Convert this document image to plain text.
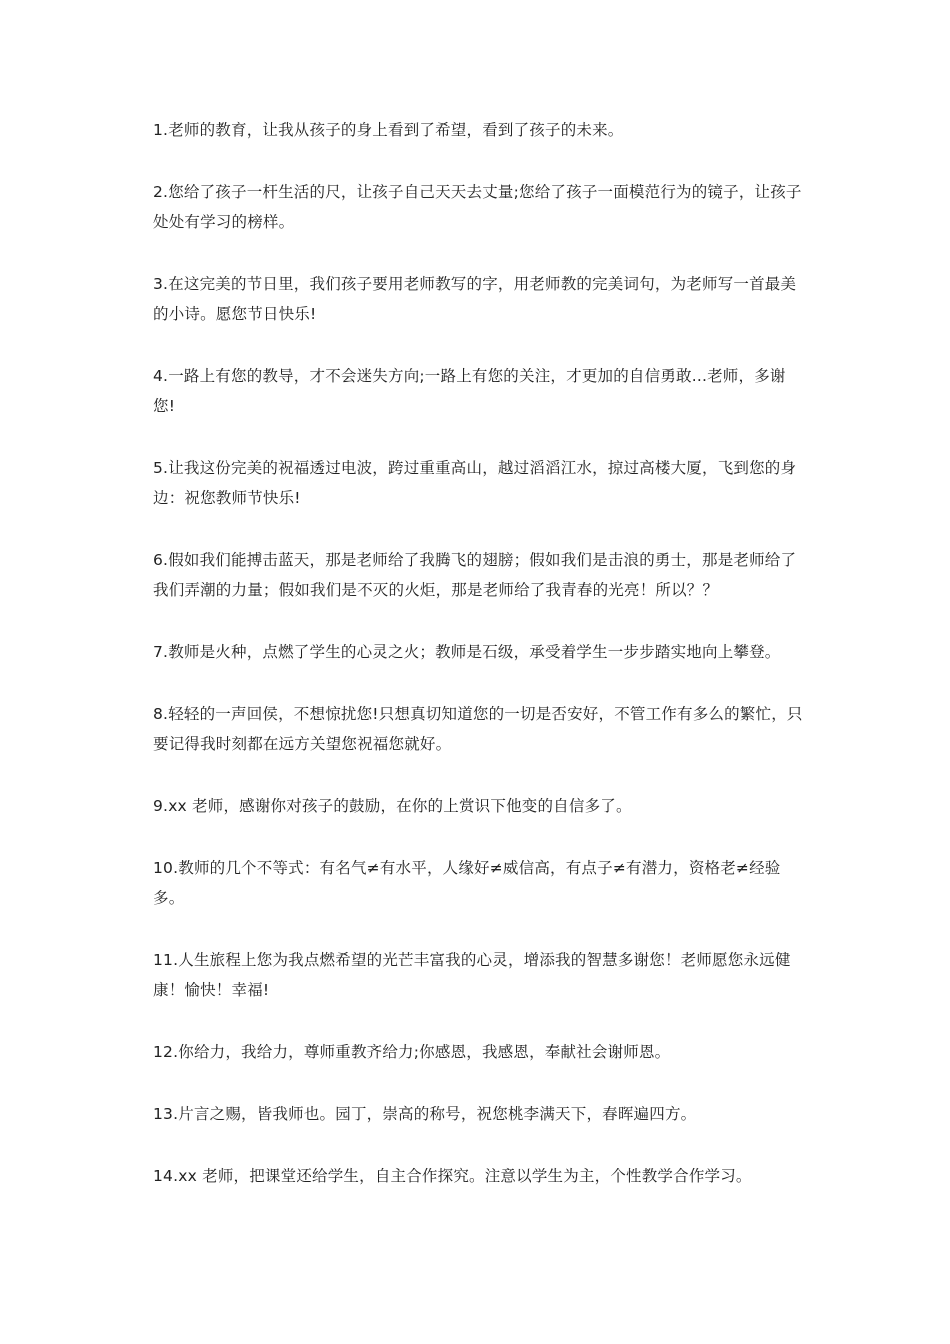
1.老师的教育，让我从孩子的身上看到了希望，看到了孩子的未来。

2.您给了孩子一杆生活的尺，让孩子自己天天去丈量;您给了孩子一面模范行为的镜子，让孩子处处有学习的榜样。

3.在这完美的节日里，我们孩子要用老师教写的字，用老师教的完美词句，为老师写一首最美的小诗。愿您节日快乐!

4.一路上有您的教导，才不会迷失方向;一路上有您的关注，才更加的自信勇敢...老师，多谢您!

5.让我这份完美的祝福透过电波，跨过重重高山，越过滔滔江水，掠过高楼大厦，飞到您的身边：祝您教师节快乐!

6.假如我们能搏击蓝天，那是老师给了我腾飞的翅膀；假如我们是击浪的勇士，那是老师给了我们弄潮的力量；假如我们是不灭的火炬，那是老师给了我青春的光亮！所以？？

7.教师是火种，点燃了学生的心灵之火；教师是石级，承受着学生一步步踏实地向上攀登。

8.轻轻的一声回侯，不想惊扰您!只想真切知道您的一切是否安好，不管工作有多么的繁忙，只要记得我时刻都在远方关望您祝福您就好。

9.xx 老师，感谢你对孩子的鼓励，在你的上赏识下他变的自信多了。

10.教师的几个不等式：有名气≠有水平，人缘好≠威信高，有点子≠有潜力，资格老≠经验多。

11.人生旅程上您为我点燃希望的光芒丰富我的心灵，增添我的智慧多谢您！老师愿您永远健康！愉快！幸福!

12.你给力，我给力，尊师重教齐给力;你感恩，我感恩，奉献社会谢师恩。

13.片言之赐，皆我师也。园丁，崇高的称号，祝您桃李满天下，春晖遍四方。

14.xx 老师，把课堂还给学生，自主合作探究。注意以学生为主，个性教学合作学习。
